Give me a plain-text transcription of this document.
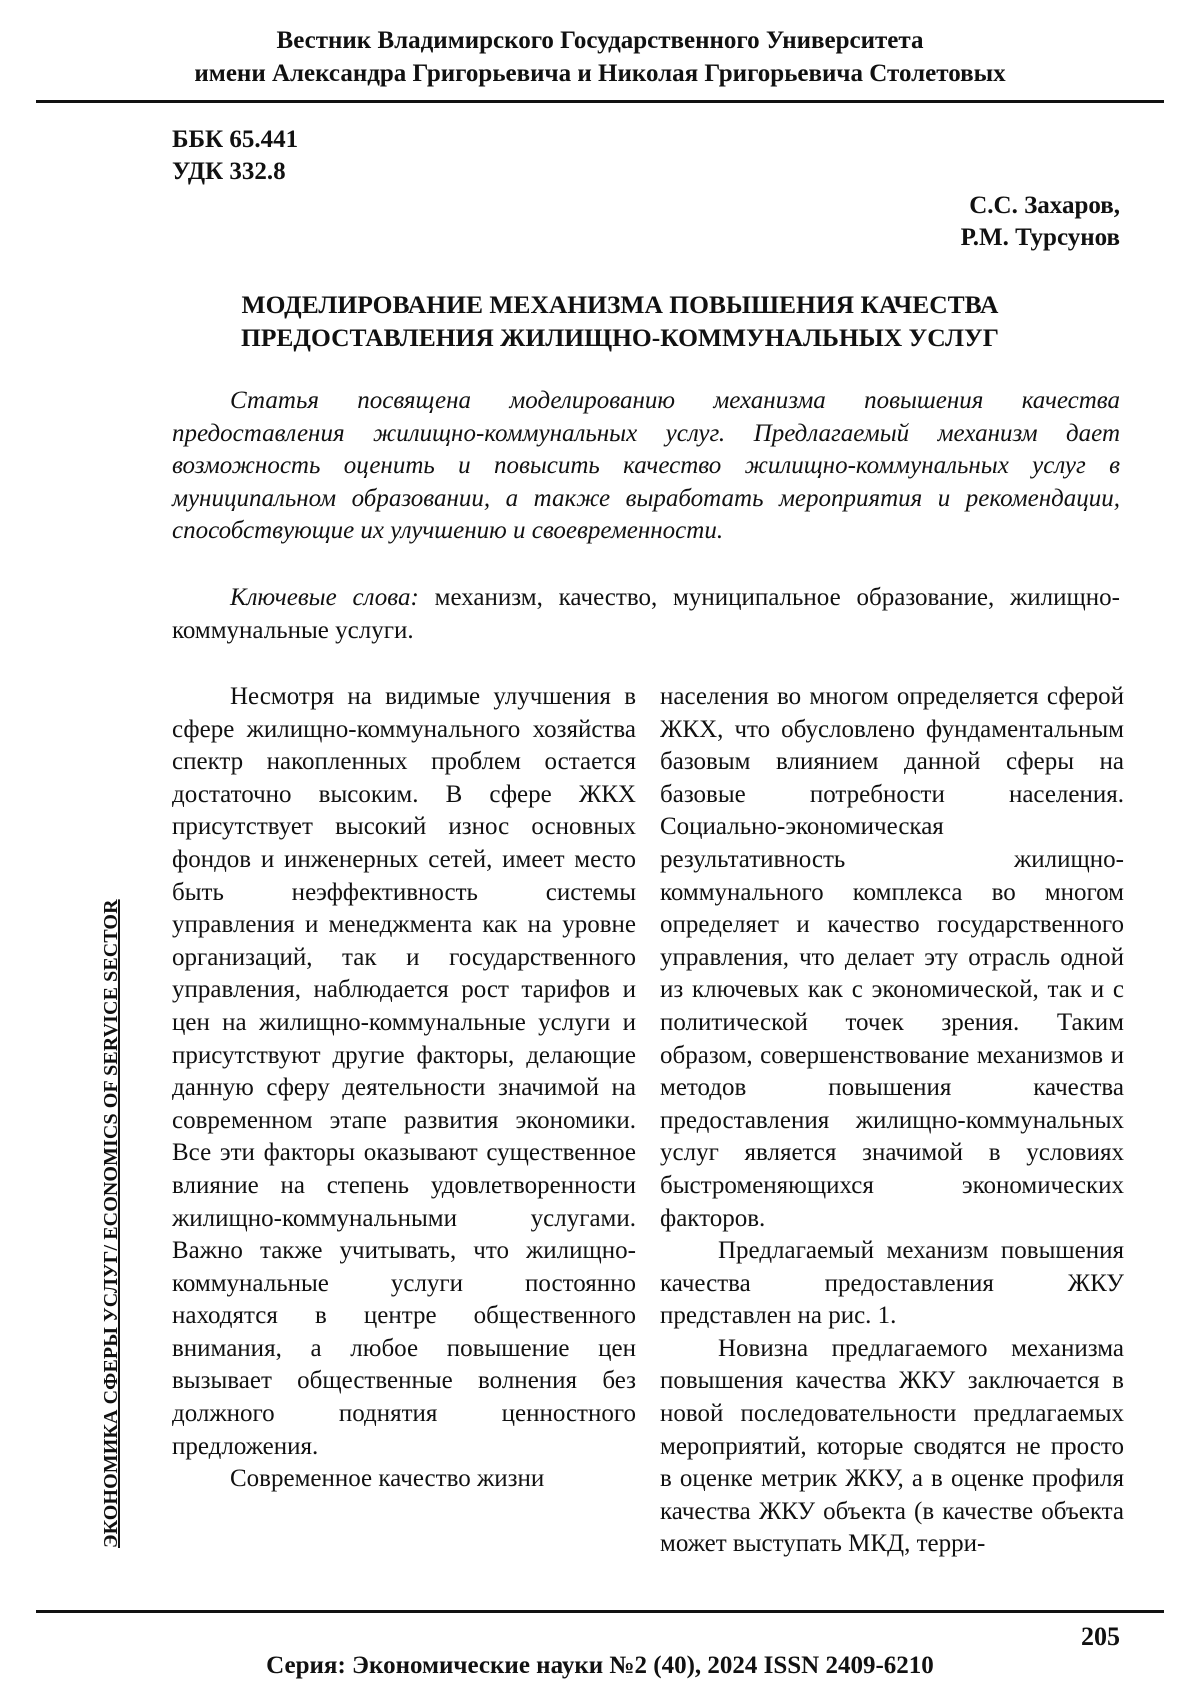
Вестник Владимирского Государственного Университета
имени Александра Григорьевича и Николая Григорьевича Столетовых
ББК 65.441
УДК 332.8
С.С. Захаров,
Р.М. Турсунов
МОДЕЛИРОВАНИЕ МЕХАНИЗМА ПОВЫШЕНИЯ КАЧЕСТВА
ПРЕДОСТАВЛЕНИЯ ЖИЛИЩНО-КОММУНАЛЬНЫХ УСЛУГ

Статья посвящена моделированию механизма повышения качества предоставления жилищно-коммунальных услуг. Предлагаемый механизм дает возможность оценить и повысить качество жилищно-коммунальных услуг в муниципальном образовании, а также выработать мероприятия и рекомендации, способствующие их улучшению и своевременности.

Ключевые слова: механизм, качество, муниципальное образование, жилищно-коммунальные услуги.

Несмотря на видимые улучшения в сфере жилищно-коммунального хозяйства спектр накопленных проблем остается достаточно высоким. В сфере ЖКХ присутствует высокий износ основных фондов и инженерных сетей, имеет место быть неэффективность системы управления и менеджмента как на уровне организаций, так и государственного управления, наблюдается рост тарифов и цен на жилищно-коммунальные услуги и присутствуют другие факторы, делающие данную сферу деятельности значимой на современном этапе развития экономики. Все эти факторы оказывают существенное влияние на степень удовлетворенности жилищно-коммунальными услугами. Важно также учитывать, что жилищно-коммунальные услуги постоянно находятся в центре общественного внимания, а любое повышение цен вызывает общественные волнения без должного поднятия ценностного предложения.

Современное качество жизни

населения во многом определяется сферой ЖКХ, что обусловлено фундаментальным базовым влиянием данной сферы на базовые потребности населения. Социально-экономическая результативность жилищно-коммунального комплекса во многом определяет и качество государственного управления, что делает эту отрасль одной из ключевых как с экономической, так и с политической точек зрения. Таким образом, совершенствование механизмов и методов повышения качества предоставления жилищно-коммунальных услуг является значимой в условиях быстроменяющихся экономических факторов.

Предлагаемый механизм повышения качества предоставления ЖКУ представлен на рис. 1.

Новизна предлагаемого механизма повышения качества ЖКУ заключается в новой последовательности предлагаемых мероприятий, которые сводятся не просто в оценке метрик ЖКУ, а в оценке профиля качества ЖКУ объекта (в качестве объекта может выступать МКД, терри-

ЭКОНОМИКА СФЕРЫ УСЛУГ/ ECONOMICS OF SERVICE SECTOR
205
Серия: Экономические науки №2 (40), 2024 ISSN 2409-6210
